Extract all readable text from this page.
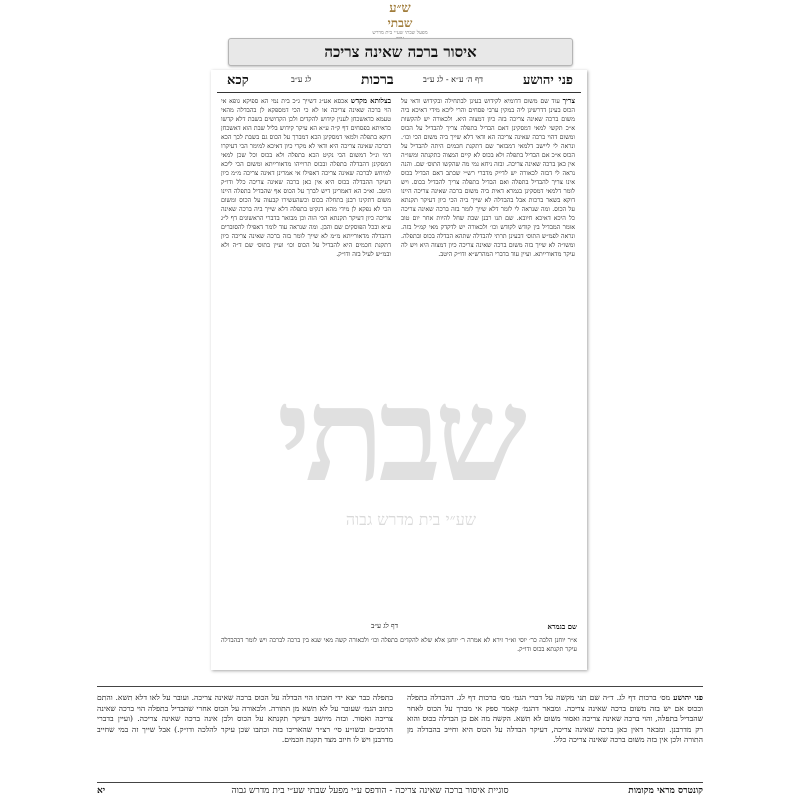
ש״ע
שבתי
מפעל שבתי שע״י בית מדרש
איסור ברכה שאינה צריכה
פני יהושע
דף ה׳ ע״א - לג ע״ב
ברכות
לג ע״ב
קכא
שבתי
שע״י בית מדרש גבוה
צריך עוד שם משום דדומיא לקידוש בעינן לבתחילה ובקידוש ודאי על הכוס בעינן דדרשינן ליה במקין ערבי פסחים והרי ליכא מידי דאיכא ביה משום ברכה שאינה צריכה בזה כיון דמצוה היא. ולכאורה יש להקשות א״כ תקשי למאי דמסקינן דאם הבדיל בתפלה צריך להבדיל על הכוס ומשום דהוי ברכה שאינה צריכה הא ודאי דלא שייך ביה משום הכי וכו׳. ונראה לי ליישב דלמאי דמבואר שם דתקנת חכמים היתה להבדיל על הכוס א״כ אם הבדיל בתפלה ולא בכוס לא קיים המצוה כתקנתה ומשו״ה אין כאן ברכה שאינה צריכה. ובזה ניחא נמי מה שהקשו התוס׳ שם. והנה נראה לי דבזה לכאורה יש לדייק מדברי רש״י שכתב דאם הבדיל בכוס אינו צריך להבדיל בתפלה ואם הבדיל בתפלה צריך להבדיל בכוס. ויש לומר דלמאי דמסקינן בגמרא דאית ביה משום ברכה שאינה צריכה היינו דוקא בשאר ברכות אבל בהבדלה לא שייך ביה הכי כיון דעיקר תקנתא על הכוס. ומה שנראה לי לומר דלא שייך לומר בזה ברכה שאינה צריכה כל היכא דאיכא חיובא. שם תנו רבנן שבת שחל להיות אחר יום טוב אומר המבדיל בין קודש לקודש וכו׳ ולכאורה יש לדקדק מאי קמ״ל בזה. ונראה לפמ״ש התוס׳ דבעינן תרתי להבדלה שתהא הבדלה בכוס ובתפלה. ומשו״ה לא שייך בזה משום ברכה שאינה צריכה כיון דמצוה היא ויש לה עיקר מדאורייתא. ועיין עוד בדברי המהרש״א ודו״ק היטב.
בצלותא מקדש אכסא אע״ג דשייך ג״כ בית נמי הא ספיקא גופא אי הוי ברכה שאינה צריכה או לא כי הכי דמספקא לן בהבדלה מהאי טעמא כדאשכחן לענין קידוש להקדים ולכן הקדושים בשבת דלא קדשו כדאיתא בפסחים דף ק״ה ע״א הא עיקר קידוש בליל שבת הוא דאשכחן דוקא בתפלה ולמאי דמסקינן הכא דמברך על הכוס גם בשבת לכך הכא דברכה שאינה צריכה היא ודאי לא מקרי כיון דאיכא למימר הכי דעיקרו דמי ונ״ל דמשום הכי נקיט הכא בתפלה ולא בכוס וכל שכן למאי דמסקינן דהבדלה בתפלה ובכוס תרוייהו מדאורייתא ומשום הכי ליכא למיחש לברכה שאינה צריכה דאפילו אי אמרינן דאינה צריכה מ״מ כיון דעיקר ההבדלה בכוס היא אין כאן ברכה שאינה צריכה כלל ודו״ק היטב. וא״כ הא דאמרינן דיש לברך על הכוס אף שהבדיל בתפלה היינו משום דתקינו רבנן בתחלה בכוס וכשהעשירו קבעוה על הכוס ומשום הכי לא נפקא לן מידי מהא דנקיט בתפלה דלא שייך ביה ברכה שאינה צריכה כיון דעיקר תקנתא הכי הוה וכן מבואר בדברי הראשונים דף ל״ג ע״א ובכל הפוסקים שם והבן. ומה שנראה עוד לומר דאפילו להסוברים דהבדלה מדאורייתא מ״מ לא שייך לומר בזה ברכה שאינה צריכה כיון דתקנת חכמים היא להבדיל על הכוס וכו׳ ועיין בתוס׳ שם ד״ה ולא ובמ״ש לעיל בזה ודו״ק.
שם בגמרא
דף לג ע״ב
א״ר יוחנן הלכה כר׳ יוסי וא״ר זירא לא אמרה ר׳ יוחנן אלא שלא להקדים בתפלה וכו׳ ולכאורה קשה מאי שנא בין ברכה לברכה ויש לומר דבהבדלה עיקר תקנתא בכוס ודו״ק.
פני יהושע מס׳ ברכות דף לג. ד״ה שם תני מקשה על דברי הגמ׳ מס׳ ברכות דף לג. דהבדלה בתפלה ובכוס אם יש בזה משום ברכה שאינה צריכה. ומבאר דהגמ׳ קאמר ספק אי מברך על הכוס לאחר שהבדיל בתפלה, והוי ברכה שאינה צריכה ואסור משום לא תשא. הקשה מה אם כן הבדלה בכוס והוא רק מדרבנן. ומבאר דאין כאן ברכה שאינה צריכה, דעיקר הבדלה על הכוס היא וחייב בהבדלה מן התורה ולכן אין בזה משום ברכה שאינה צריכה כלל.
בתפלה כבר יצא ידי חובתו הוי הבדלה על הכוס ברכה שאינה צריכה. ועובר על לאו דלא תשא. והתם כתוב הגמ׳ שעובר על לא תשא מן התורה. ולכאורה על הכוס אחרי שהבדיל בתפלה הוי ברכה שאינה צריכה ואסור. ובזה מיושב דעיקר תקנתא על הכוס ולכן אינה ברכה שאינה צריכה. (ועיין בדברי הרמב״ם ובשו״ע סי׳ רצ״ד שהאריכו בזה וכתבו שכן עיקר להלכה ודו״ק.) אבל שייך זה במי שחייב מדרבנן ויש לו חיוב מצד תקנת חכמים.
קונטרס מראי מקומות
סוגיית איסור ברכה שאינה צריכה - הודפס ע״י מפעל שבתי שע״י בית מדרש גבוה
יא
